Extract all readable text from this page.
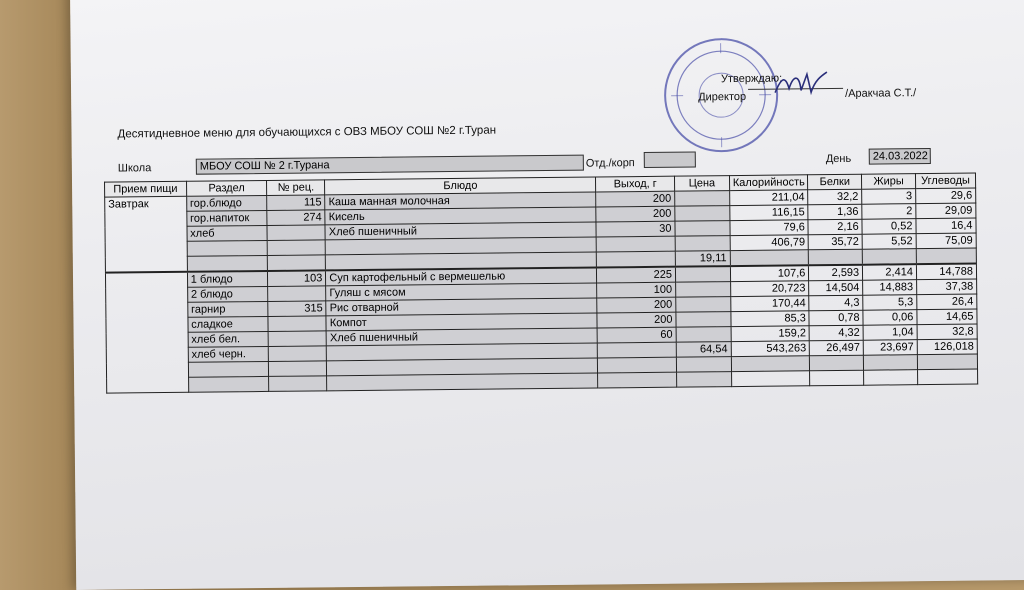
Утверждаю:
Директор	/Аракчаа С.Т./
Десятидневное меню для обучающихся с ОВЗ МБОУ СОШ №2 г.Туран
Школа	МБОУ СОШ № 2 г.Турана	Отд./корп	День	24.03.2022
Прием пищи	Раздел	№ рец.	Блюдо	Выход, г	Цена	Калорийность	Белки	Жиры	Углеводы
Завтрак	гор.блюдо	115	Каша манная молочная	200		211,04	32,2	3	29,6
	гор.напиток	274	Кисель	200		116,15	1,36	2	29,09
	хлеб		Хлеб пшеничный	30		79,6	2,16	0,52	16,4
						406,79	35,72	5,52	75,09
					19,11				
	1 блюдо	103	Суп картофельный с вермешелью	225		107,6	2,593	2,414	14,788
	2 блюдо		Гуляш с мясом	100		20,723	14,504	14,883	37,38
	гарнир	315	Рис отварной	200		170,44	4,3	5,3	26,4
	сладкое		Компот	200		85,3	0,78	0,06	14,65
	хлеб бел.		Хлеб пшеничный	60		159,2	4,32	1,04	32,8
	хлеб черн.				64,54	543,263	26,497	23,697	126,018
